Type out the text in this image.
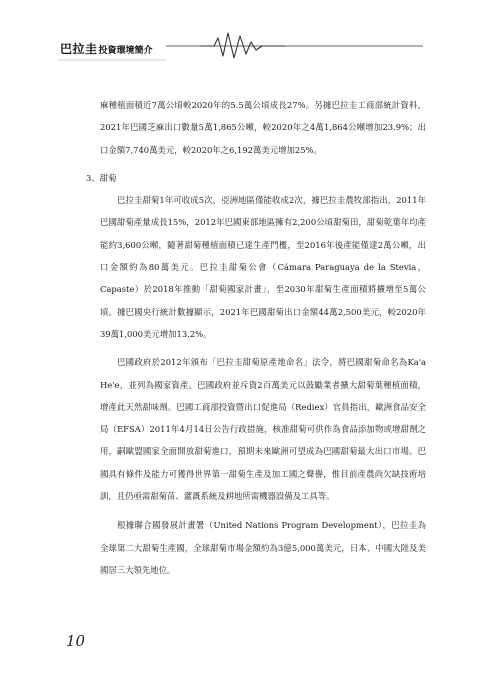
巴拉圭 投資環境簡介

麻種植面積近7萬公頃較2020年的5.5萬公頃成長27%。另據巴拉圭工商部統計資料，2021年巴國芝麻出口數量5萬1,865公噸，較2020年之4萬1,864公噸增加23.9%；出口金額7,740萬美元，較2020年之6,192萬美元增加25%。

3、甜菊

巴拉圭甜菊1年可收成5次，亞洲地區僅能收成2次，據巴拉圭農牧部指出，2011年巴國甜菊產量成長15%，2012年巴國東部地區擁有2,200公頃甜菊田，甜菊乾葉年均產能約3,600公噸，隨著甜菊種植面積已達生產門檻，至2016年後產能僅達2萬公噸，出口金額約為80萬美元。巴拉圭甜菊公會（Cámara Paraguaya de la Stevia，Capaste）於2018年推動「甜菊國家計畫」，至2030年甜菊生產面積將擴增至5萬公頃。據巴國央行統計數據顯示，2021年巴國甜菊出口金額44萬2,500美元，較2020年39萬1,000美元增加13.2%。

巴國政府於2012年頒布「巴拉圭甜菊原產地命名」法令，將巴國甜菊命名為Ka'a He'e，並列為國家資產。巴國政府並斥資2百萬美元以鼓勵業者擴大甜菊葉種植面積，增產此天然甜味劑。巴國工商部投資暨出口促進局（Rediex）官員指出，歐洲食品安全局（EFSA）2011年4月14日公告行政措施，核准甜菊可供作為食品添加物或增甜劑之用，嗣歐盟國家全面開放甜菊進口，預期未來歐洲可望成為巴國甜菊最大出口市場。巴國具有條件及能力可獲得世界第一甜菊生產及加工國之聲譽，惟目前產農尚欠缺技術培訓，且仍亟需甜菊苗、灌溉系統及耕地所需機器設備及工具等。

根據聯合國發展計畫署（United Nations Program Development），巴拉圭為全球第二大甜菊生產國，全球甜菊市場金額約為3億5,000萬美元，日本、中國大陸及美國居三大領先地位。

10
